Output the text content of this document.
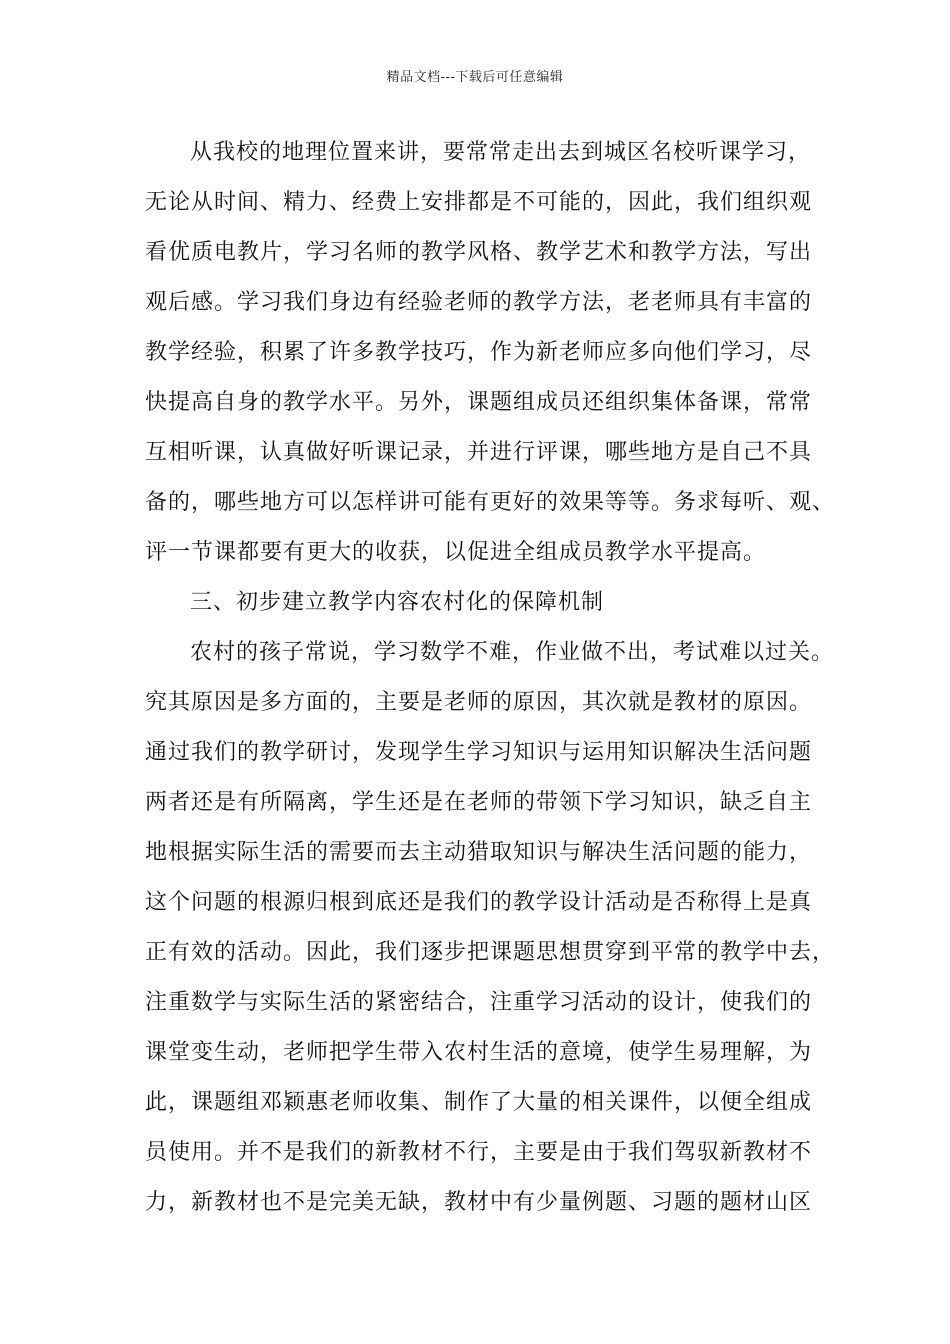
精品文档---下载后可任意编辑
从我校的地理位置来讲，要常常走出去到城区名校听课学习，
无论从时间、精力、经费上安排都是不可能的，因此，我们组织观
看优质电教片，学习名师的教学风格、教学艺术和教学方法，写出
观后感。学习我们身边有经验老师的教学方法，老老师具有丰富的
教学经验，积累了许多教学技巧，作为新老师应多向他们学习，尽
快提高自身的教学水平。另外，课题组成员还组织集体备课，常常
互相听课，认真做好听课记录，并进行评课，哪些地方是自己不具
备的，哪些地方可以怎样讲可能有更好的效果等等。务求每听、观、
评一节课都要有更大的收获，以促进全组成员教学水平提高。
三、初步建立教学内容农村化的保障机制
农村的孩子常说，学习数学不难，作业做不出，考试难以过关。
究其原因是多方面的，主要是老师的原因，其次就是教材的原因。
通过我们的教学研讨，发现学生学习知识与运用知识解决生活问题
两者还是有所隔离，学生还是在老师的带领下学习知识，缺乏自主
地根据实际生活的需要而去主动猎取知识与解决生活问题的能力，
这个问题的根源归根到底还是我们的教学设计活动是否称得上是真
正有效的活动。因此，我们逐步把课题思想贯穿到平常的教学中去，
注重数学与实际生活的紧密结合，注重学习活动的设计，使我们的
课堂变生动，老师把学生带入农村生活的意境，使学生易理解，为
此，课题组邓颖惠老师收集、制作了大量的相关课件，以便全组成
员使用。并不是我们的新教材不行，主要是由于我们驾驭新教材不
力，新教材也不是完美无缺，教材中有少量例题、习题的题材山区
